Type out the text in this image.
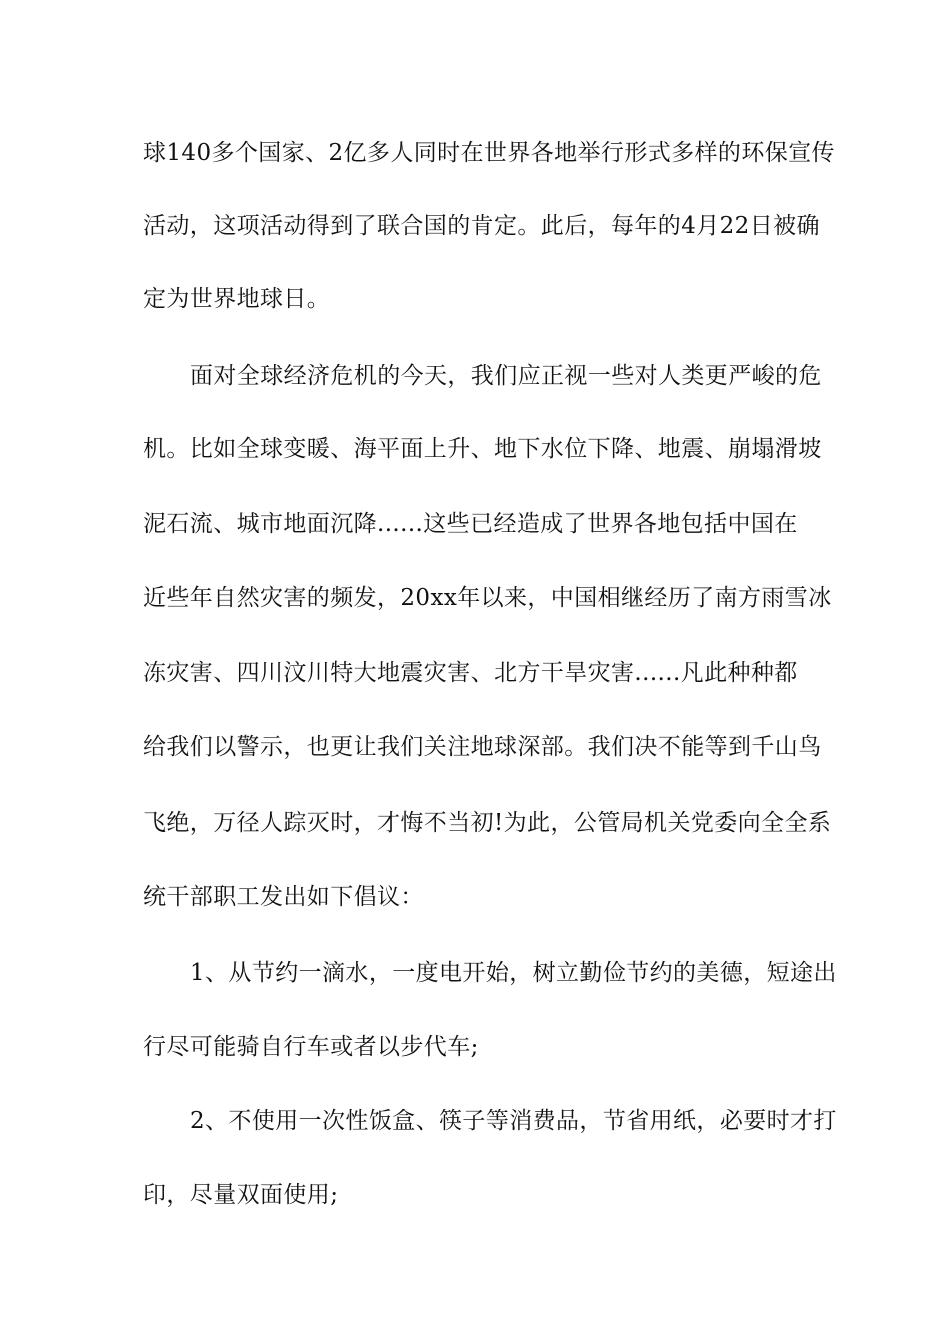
球140多个国家、2亿多人同时在世界各地举行形式多样的环保宣传
活动，这项活动得到了联合国的肯定。此后，每年的4月22日被确
定为世界地球日。
面对全球经济危机的今天，我们应正视一些对人类更严峻的危
机。比如全球变暖、海平面上升、地下水位下降、地震、崩塌滑坡
泥石流、城市地面沉降......这些已经造成了世界各地包括中国在
近些年自然灾害的频发，20xx年以来，中国相继经历了南方雨雪冰
冻灾害、四川汶川特大地震灾害、北方干旱灾害......凡此种种都
给我们以警示，也更让我们关注地球深部。我们决不能等到千山鸟
飞绝，万径人踪灭时，才悔不当初!为此，公管局机关党委向全全系
统干部职工发出如下倡议：
1、从节约一滴水，一度电开始，树立勤俭节约的美德，短途出
行尽可能骑自行车或者以步代车;
2、不使用一次性饭盒、筷子等消费品，节省用纸，必要时才打
印，尽量双面使用;
